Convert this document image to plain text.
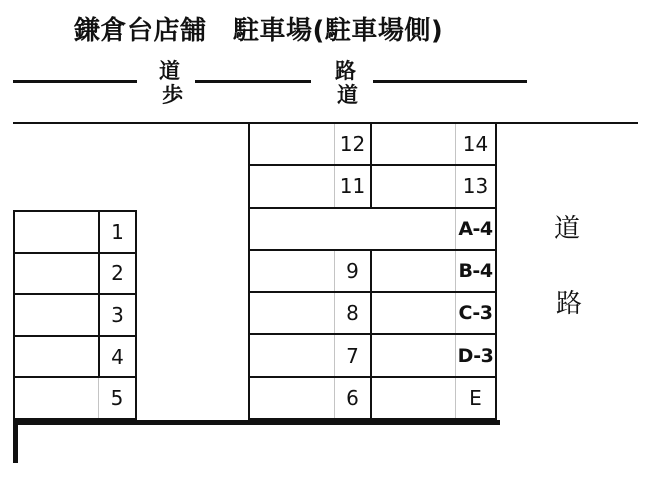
鎌倉台店舗　駐車場(駐車場側)
道
歩
路
道
1
2
3
4
5
12	14
11	13
A-4
9	B-4
8	C-3
7	D-3
6	E
道
路
